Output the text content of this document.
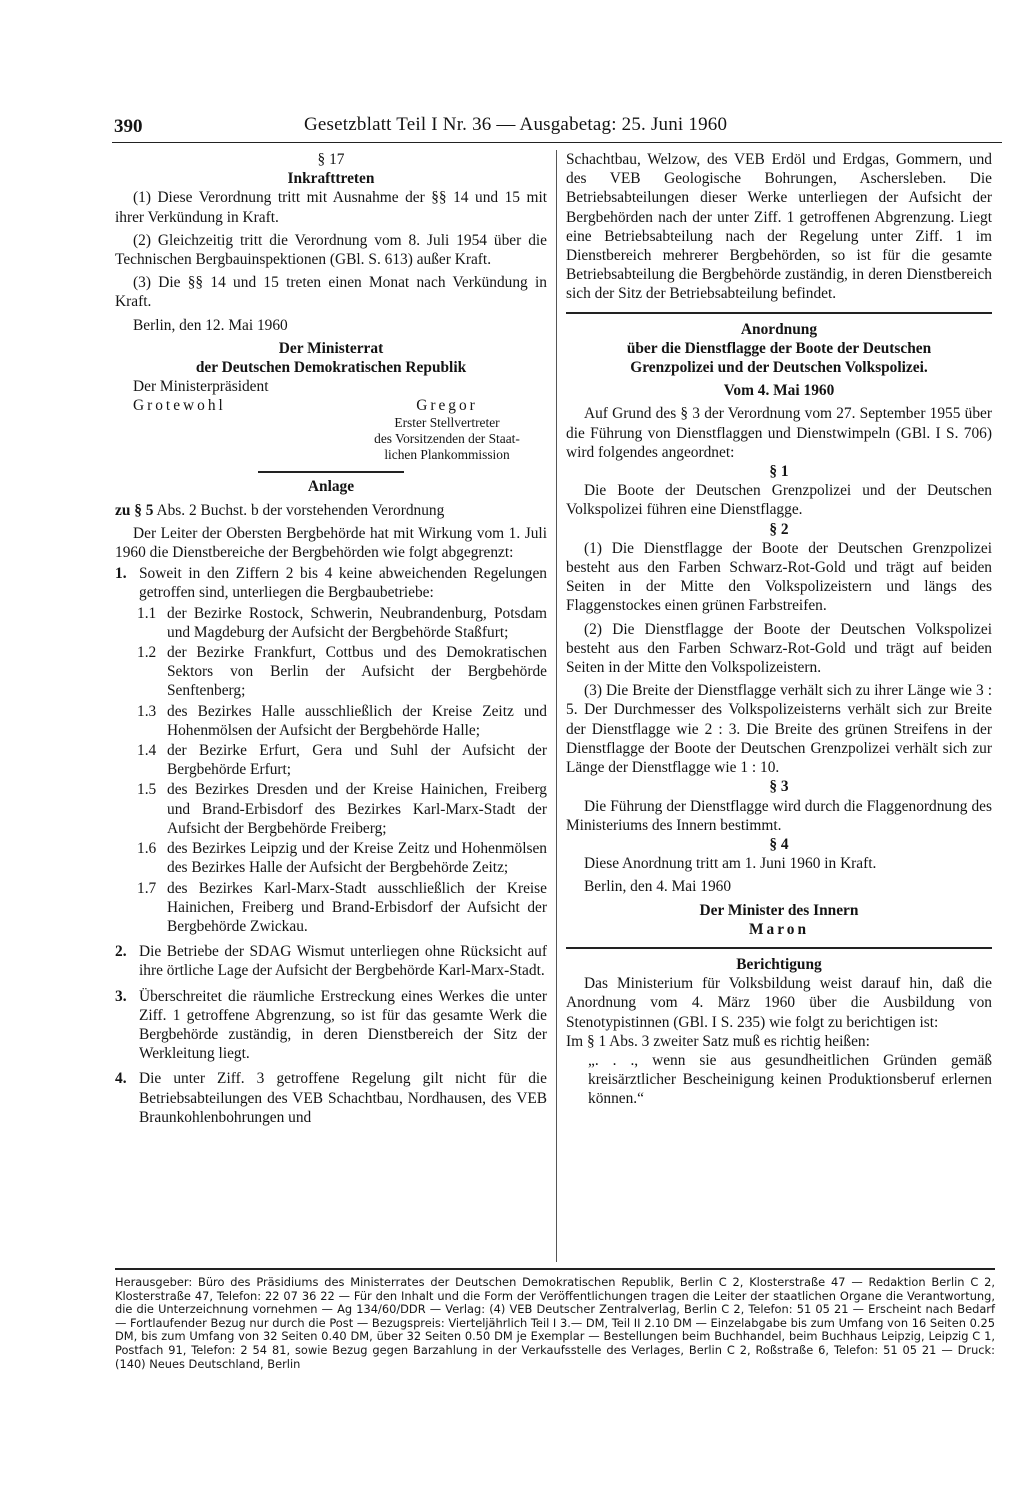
390	Gesetzblatt Teil I Nr. 36 — Ausgabetag: 25. Juni 1960

§ 17

Inkrafttreten

(1) Diese Verordnung tritt mit Ausnahme der §§ 14 und 15 mit ihrer Verkündung in Kraft.

(2) Gleichzeitig tritt die Verordnung vom 8. Juli 1954 über die Technischen Bergbauinspektionen (GBl. S. 613) außer Kraft.

(3) Die §§ 14 und 15 treten einen Monat nach Verkündung in Kraft.

Berlin, den 12. Mai 1960

Der Ministerrat

der Deutschen Demokratischen Republik

Der Ministerpräsident

Grotewohl	Gregor

Erster Stellvertreter

des Vorsitzenden der Staat-

lichen Plankommission

Anlage

zu § 5 Abs. 2 Buchst. b der vorstehenden Verordnung

Der Leiter der Obersten Bergbehörde hat mit Wirkung vom 1. Juli 1960 die Dienstbereiche der Bergbehörden wie folgt abgegrenzt:

1. Soweit in den Ziffern 2 bis 4 keine abweichenden Regelungen getroffen sind, unterliegen die Bergbaubetriebe:
1.1 der Bezirke Rostock, Schwerin, Neubrandenburg, Potsdam und Magdeburg der Aufsicht der Bergbehörde Staßfurt;
1.2 der Bezirke Frankfurt, Cottbus und des Demokratischen Sektors von Berlin der Aufsicht der Bergbehörde Senftenberg;
1.3 des Bezirkes Halle ausschließlich der Kreise Zeitz und Hohenmölsen der Aufsicht der Bergbehörde Halle;
1.4 der Bezirke Erfurt, Gera und Suhl der Aufsicht der Bergbehörde Erfurt;
1.5 des Bezirkes Dresden und der Kreise Hainichen, Freiberg und Brand-Erbisdorf des Bezirkes Karl-Marx-Stadt der Aufsicht der Bergbehörde Freiberg;
1.6 des Bezirkes Leipzig und der Kreise Zeitz und Hohenmölsen des Bezirkes Halle der Aufsicht der Bergbehörde Zeitz;
1.7 des Bezirkes Karl-Marx-Stadt ausschließlich der Kreise Hainichen, Freiberg und Brand-Erbisdorf der Aufsicht der Bergbehörde Zwickau.
2. Die Betriebe der SDAG Wismut unterliegen ohne Rücksicht auf ihre örtliche Lage der Aufsicht der Bergbehörde Karl-Marx-Stadt.
3. Überschreitet die räumliche Erstreckung eines Werkes die unter Ziff. 1 getroffene Abgrenzung, so ist für das gesamte Werk die Bergbehörde zuständig, in deren Dienstbereich der Sitz der Werkleitung liegt.
4. Die unter Ziff. 3 getroffene Regelung gilt nicht für die Betriebsabteilungen des VEB Schachtbau, Nordhausen, des VEB Braunkohlenbohrungen und

Schachtbau, Welzow, des VEB Erdöl und Erdgas, Gommern, und des VEB Geologische Bohrungen, Aschersleben. Die Betriebsabteilungen dieser Werke unterliegen der Aufsicht der Bergbehörden nach der unter Ziff. 1 getroffenen Abgrenzung. Liegt eine Betriebsabteilung nach der Regelung unter Ziff. 1 im Dienstbereich mehrerer Bergbehörden, so ist für die gesamte Betriebsabteilung die Bergbehörde zuständig, in deren Dienstbereich sich der Sitz der Betriebsabteilung befindet.

Anordnung

über die Dienstflagge der Boote der Deutschen

Grenzpolizei und der Deutschen Volkspolizei.

Vom 4. Mai 1960

Auf Grund des § 3 der Verordnung vom 27. September 1955 über die Führung von Dienstflaggen und Dienstwimpeln (GBl. I S. 706) wird folgendes angeordnet:

§ 1

Die Boote der Deutschen Grenzpolizei und der Deutschen Volkspolizei führen eine Dienstflagge.

§ 2

(1) Die Dienstflagge der Boote der Deutschen Grenzpolizei besteht aus den Farben Schwarz-Rot-Gold und trägt auf beiden Seiten in der Mitte den Volkspolizeistern und längs des Flaggenstockes einen grünen Farbstreifen.

(2) Die Dienstflagge der Boote der Deutschen Volkspolizei besteht aus den Farben Schwarz-Rot-Gold und trägt auf beiden Seiten in der Mitte den Volkspolizeistern.

(3) Die Breite der Dienstflagge verhält sich zu ihrer Länge wie 3 : 5. Der Durchmesser des Volkspolizeisterns verhält sich zur Breite der Dienstflagge wie 2 : 3. Die Breite des grünen Streifens in der Dienstflagge der Boote der Deutschen Grenzpolizei verhält sich zur Länge der Dienstflagge wie 1 : 10.

§ 3

Die Führung der Dienstflagge wird durch die Flaggenordnung des Ministeriums des Innern bestimmt.

§ 4

Diese Anordnung tritt am 1. Juni 1960 in Kraft.

Berlin, den 4. Mai 1960

Der Minister des Innern

Maron

Berichtigung

Das Ministerium für Volksbildung weist darauf hin, daß die Anordnung vom 4. März 1960 über die Ausbildung von Stenotypistinnen (GBl. I S. 235) wie folgt zu berichtigen ist:

Im § 1 Abs. 3 zweiter Satz muß es richtig heißen:

„. . ., wenn sie aus gesundheitlichen Gründen gemäß kreisärztlicher Bescheinigung keinen Produktionsberuf erlernen können.“

Herausgeber: Büro des Präsidiums des Ministerrates der Deutschen Demokratischen Republik, Berlin C 2, Klosterstraße 47 — Redaktion Berlin C 2, Klosterstraße 47, Telefon: 22 07 36 22 — Für den Inhalt und die Form der Veröffentlichungen tragen die Leiter der staatlichen Organe die Verantwortung, die die Unterzeichnung vornehmen — Ag 134/60/DDR — Verlag: (4) VEB Deutscher Zentralverlag, Berlin C 2, Telefon: 51 05 21 — Erscheint nach Bedarf — Fortlaufender Bezug nur durch die Post — Bezugspreis: Vierteljährlich Teil I 3.— DM, Teil II 2.10 DM — Einzelabgabe bis zum Umfang von 16 Seiten 0.25 DM, bis zum Umfang von 32 Seiten 0.40 DM, über 32 Seiten 0.50 DM je Exemplar — Bestellungen beim Buchhandel, beim Buchhaus Leipzig, Leipzig C 1, Postfach 91, Telefon: 2 54 81, sowie Bezug gegen Barzahlung in der Verkaufsstelle des Verlages, Berlin C 2, Roßstraße 6, Telefon: 51 05 21 — Druck: (140) Neues Deutschland, Berlin
